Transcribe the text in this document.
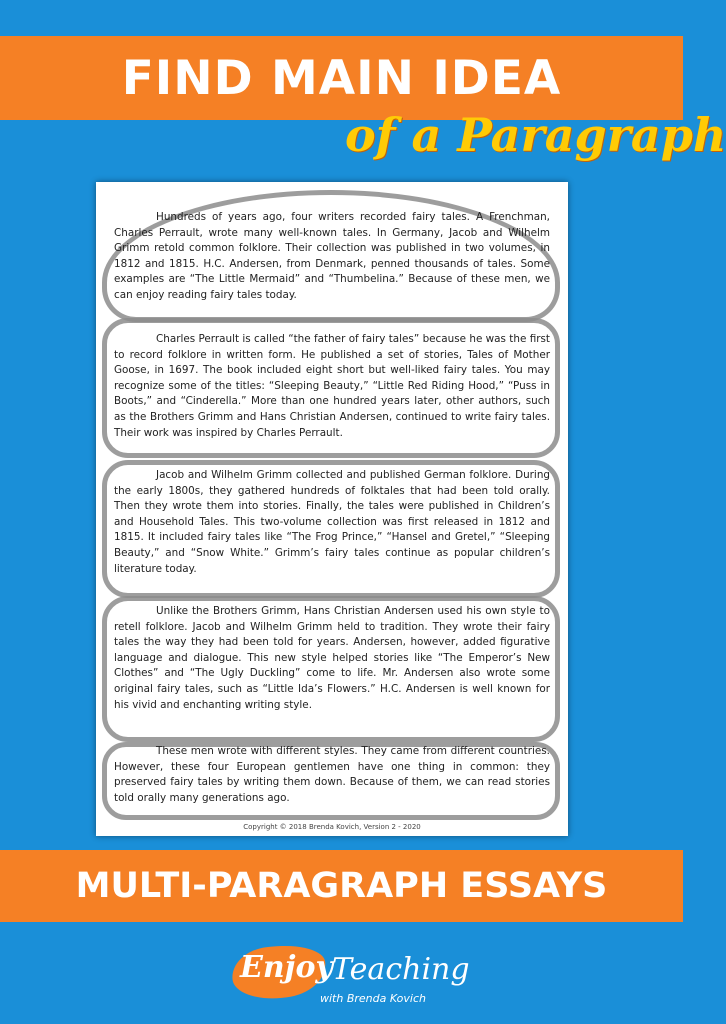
FIND MAIN IDEA
of a Paragraph

Hundreds of years ago, four writers recorded fairy tales. A Frenchman, Charles Perrault, wrote many well-known tales. In Germany, Jacob and Wilhelm Grimm retold common folklore. Their collection was published in two volumes, in 1812 and 1815. H.C. Andersen, from Denmark, penned thousands of tales. Some examples are “The Little Mermaid” and “Thumbelina.” Because of these men, we can enjoy reading fairy tales today.

Charles Perrault is called “the father of fairy tales” because he was the first to record folklore in written form. He published a set of stories, Tales of Mother Goose, in 1697. The book included eight short but well-liked fairy tales. You may recognize some of the titles: “Sleeping Beauty,” “Little Red Riding Hood,” “Puss in Boots,” and “Cinderella.” More than one hundred years later, other authors, such as the Brothers Grimm and Hans Christian Andersen, continued to write fairy tales. Their work was inspired by Charles Perrault.

Jacob and Wilhelm Grimm collected and published German folklore. During the early 1800s, they gathered hundreds of folktales that had been told orally. Then they wrote them into stories. Finally, the tales were published in Children’s and Household Tales. This two-volume collection was first released in 1812 and 1815. It included fairy tales like “The Frog Prince,” “Hansel and Gretel,” “Sleeping Beauty,” and “Snow White.” Grimm’s fairy tales continue as popular children’s literature today.

Unlike the Brothers Grimm, Hans Christian Andersen used his own style to retell folklore. Jacob and Wilhelm Grimm held to tradition. They wrote their fairy tales the way they had been told for years. Andersen, however, added figurative language and dialogue. This new style helped stories like “The Emperor’s New Clothes” and “The Ugly Duckling” come to life. Mr. Andersen also wrote some original fairy tales, such as “Little Ida’s Flowers.” H.C. Andersen is well known for his vivid and enchanting writing style.

These men wrote with different styles. They came from different countries. However, these four European gentlemen have one thing in common: they preserved fairy tales by writing them down. Because of them, we can read stories told orally many generations ago.

Copyright © 2018 Brenda Kovich, Version 2 - 2020
MULTI-PARAGRAPH ESSAYS
Enjoy Teaching
with Brenda Kovich
